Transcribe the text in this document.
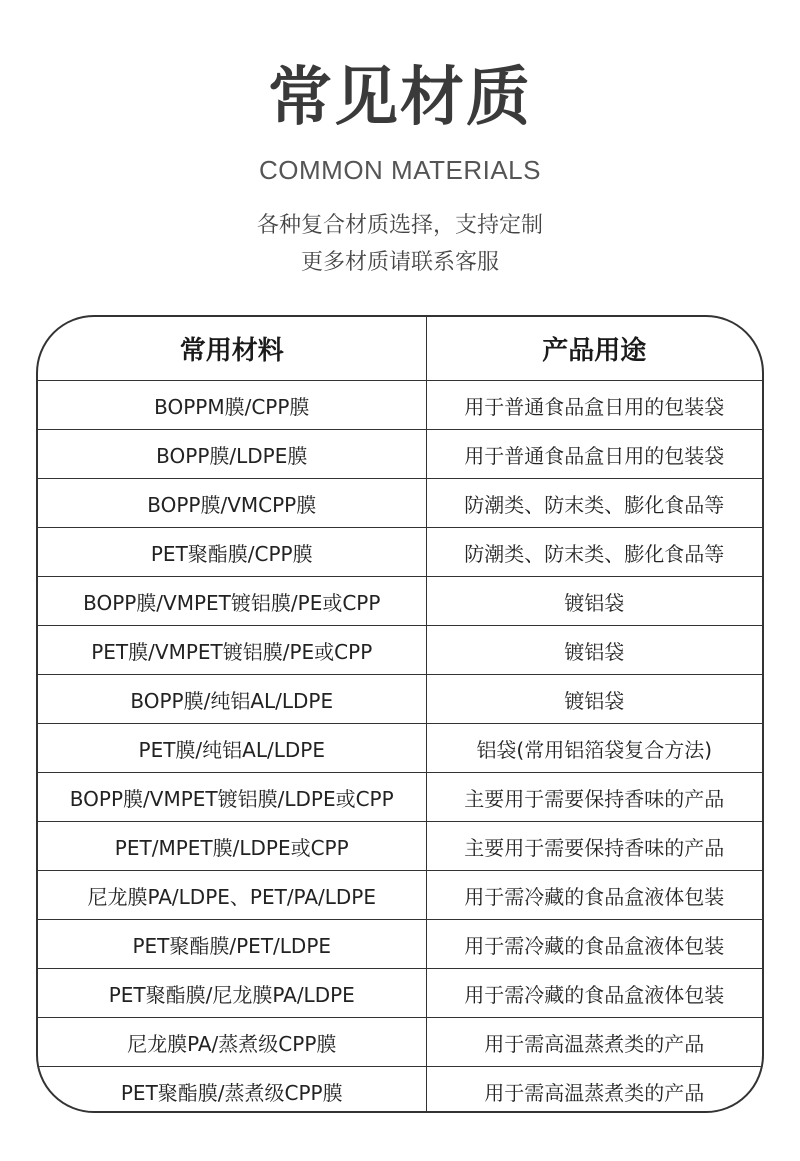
常见材质
COMMON MATERIALS
各种复合材质选择，支持定制
更多材质请联系客服
常用材料	产品用途
BOPPM膜/CPP膜	用于普通食品盒日用的包装袋
BOPP膜/LDPE膜	用于普通食品盒日用的包装袋
BOPP膜/VMCPP膜	防潮类、防末类、膨化食品等
PET聚酯膜/CPP膜	防潮类、防末类、膨化食品等
BOPP膜/VMPET镀铝膜/PE或CPP	镀铝袋
PET膜/VMPET镀铝膜/PE或CPP	镀铝袋
BOPP膜/纯铝AL/LDPE	镀铝袋
PET膜/纯铝AL/LDPE	铝袋(常用铝箔袋复合方法)
BOPP膜/VMPET镀铝膜/LDPE或CPP	主要用于需要保持香味的产品
PET/MPET膜/LDPE或CPP	主要用于需要保持香味的产品
尼龙膜PA/LDPE、PET/PA/LDPE	用于需冷藏的食品盒液体包装
PET聚酯膜/PET/LDPE	用于需冷藏的食品盒液体包装
PET聚酯膜/尼龙膜PA/LDPE	用于需冷藏的食品盒液体包装
尼龙膜PA/蒸煮级CPP膜	用于需高温蒸煮类的产品
PET聚酯膜/蒸煮级CPP膜	用于需高温蒸煮类的产品
